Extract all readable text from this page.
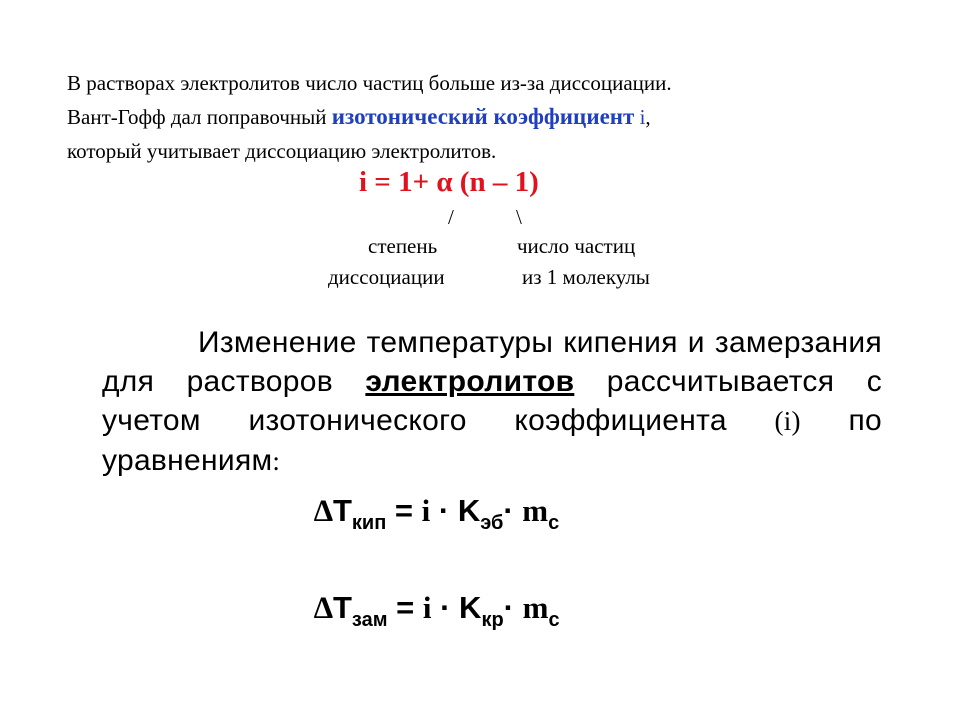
В растворах электролитов число частиц больше из-за диссоциации.
Вант-Гофф дал поправочный изотонический коэффициент i,
который учитывает диссоциацию электролитов.
i = 1+ α (n – 1)
/	\
степень	число частиц
диссоциации	из 1 молекулы
Изменение температуры кипения и замерзания для растворов электролитов рассчитывается с учетом изотонического коэффициента (i) по уравнениям:
$\Delta T_{кип} = i \cdot K_{эб}\cdot m_c$
$\Delta T_{зам} = i \cdot K_{кр}\cdot m_c$
